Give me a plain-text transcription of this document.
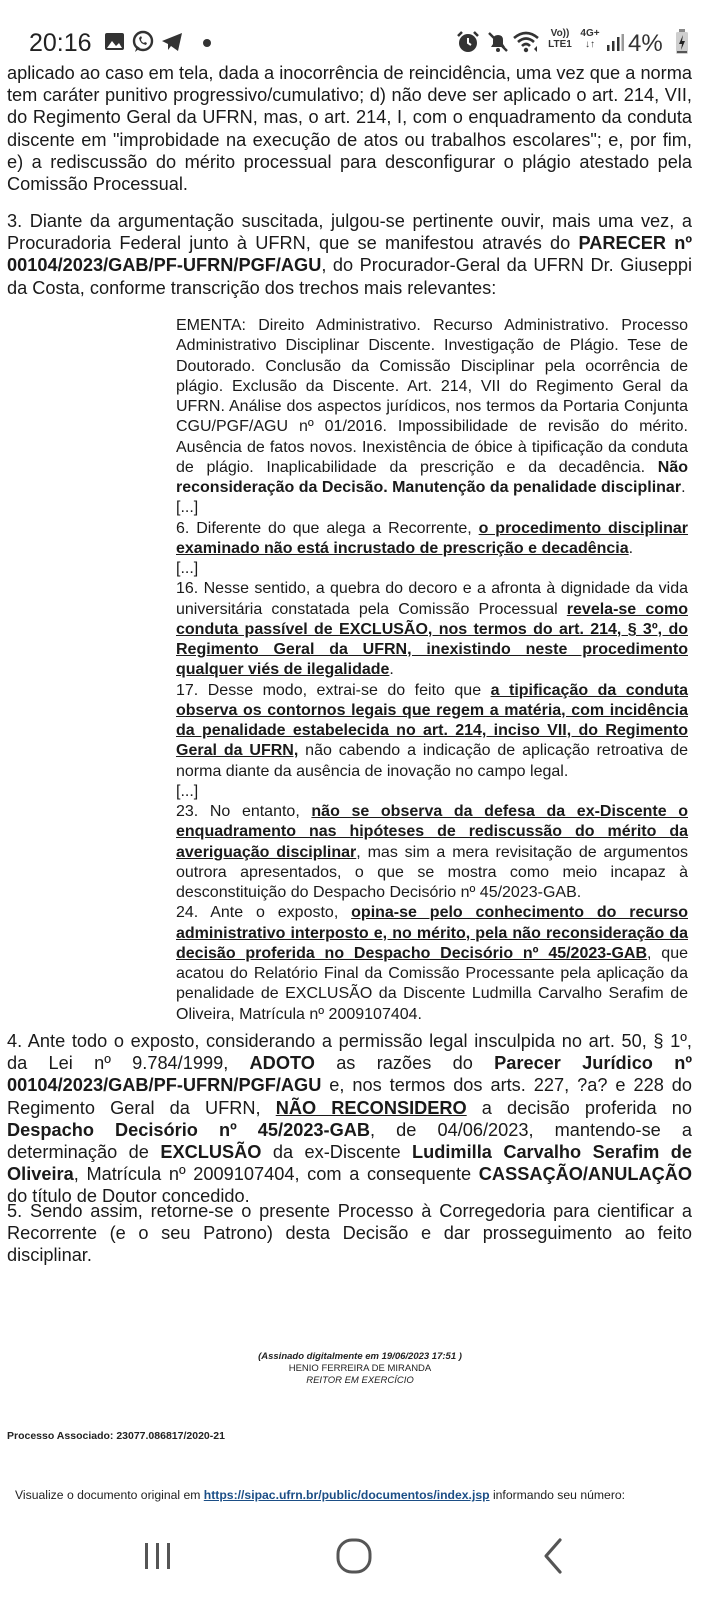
20:16	Vo))
LTE1
4G+
↓↑	4%

aplicado ao caso em tela, dada a inocorrência de reincidência, uma vez que a norma tem caráter punitivo progressivo/cumulativo; d) não deve ser aplicado o art. 214, VII, do Regimento Geral da UFRN, mas, o art. 214, I, com o enquadramento da conduta discente em "improbidade na execução de atos ou trabalhos escolares"; e, por fim, e) a rediscussão do mérito processual para desconfigurar o plágio atestado pela Comissão Processual.

3. Diante da argumentação suscitada, julgou-se pertinente ouvir, mais uma vez, a Procuradoria Federal junto à UFRN, que se manifestou através do PARECER nº 00104/2023/GAB/PF-UFRN/PGF/AGU, do Procurador-Geral da UFRN Dr. Giuseppi da Costa, conforme transcrição dos trechos mais relevantes:

EMENTA: Direito Administrativo. Recurso Administrativo. Processo Administrativo Disciplinar Discente. Investigação de Plágio. Tese de Doutorado. Conclusão da Comissão Disciplinar pela ocorrência de plágio. Exclusão da Discente. Art. 214, VII do Regimento Geral da UFRN. Análise dos aspectos jurídicos, nos termos da Portaria Conjunta CGU/PGF/AGU nº 01/2016. Impossibilidade de revisão do mérito. Ausência de fatos novos. Inexistência de óbice à tipificação da conduta de plágio. Inaplicabilidade da prescrição e da decadência. Não reconsideração da Decisão. Manutenção da penalidade disciplinar.
[...]
6. Diferente do que alega a Recorrente, o procedimento disciplinar examinado não está incrustado de prescrição e decadência.
[...]
16. Nesse sentido, a quebra do decoro e a afronta à dignidade da vida universitária constatada pela Comissão Processual revela-se como conduta passível de EXCLUSÃO, nos termos do art. 214, § 3º, do Regimento Geral da UFRN, inexistindo neste procedimento qualquer viés de ilegalidade.
17. Desse modo, extrai-se do feito que a tipificação da conduta observa os contornos legais que regem a matéria, com incidência da penalidade estabelecida no art. 214, inciso VII, do Regimento Geral da UFRN, não cabendo a indicação de aplicação retroativa de norma diante da ausência de inovação no campo legal.
[...]
23. No entanto, não se observa da defesa da ex-Discente o enquadramento nas hipóteses de rediscussão do mérito da averiguação disciplinar, mas sim a mera revisitação de argumentos outrora apresentados, o que se mostra como meio incapaz à desconstituição do Despacho Decisório nº 45/2023-GAB.
24. Ante o exposto, opina-se pelo conhecimento do recurso administrativo interposto e, no mérito, pela não reconsideração da decisão proferida no Despacho Decisório nº 45/2023-GAB, que acatou do Relatório Final da Comissão Processante pela aplicação da penalidade de EXCLUSÃO da Discente Ludmilla Carvalho Serafim de Oliveira, Matrícula nº 2009107404.

4. Ante todo o exposto, considerando a permissão legal insculpida no art. 50, § 1º, da Lei nº 9.784/1999, ADOTO as razões do Parecer Jurídico nº 00104/2023/GAB/PF-UFRN/PGF/AGU e, nos termos dos arts. 227, ?a? e 228 do Regimento Geral da UFRN, NÃO RECONSIDERO a decisão proferida no Despacho Decisório nº 45/2023-GAB, de 04/06/2023, mantendo-se a determinação de EXCLUSÃO da ex-Discente Ludimilla Carvalho Serafim de Oliveira, Matrícula nº 2009107404, com a consequente CASSAÇÃO/ANULAÇÃO do título de Doutor concedido.

5. Sendo assim, retorne-se o presente Processo à Corregedoria para cientificar a Recorrente (e o seu Patrono) desta Decisão e dar prosseguimento ao feito disciplinar.

(Assinado digitalmente em 19/06/2023 17:51 )
HENIO FERREIRA DE MIRANDA
REITOR EM EXERCÍCIO
Processo Associado: 23077.086817/2020-21
Visualize o documento original em https://sipac.ufrn.br/public/documentos/index.jsp informando seu número:
